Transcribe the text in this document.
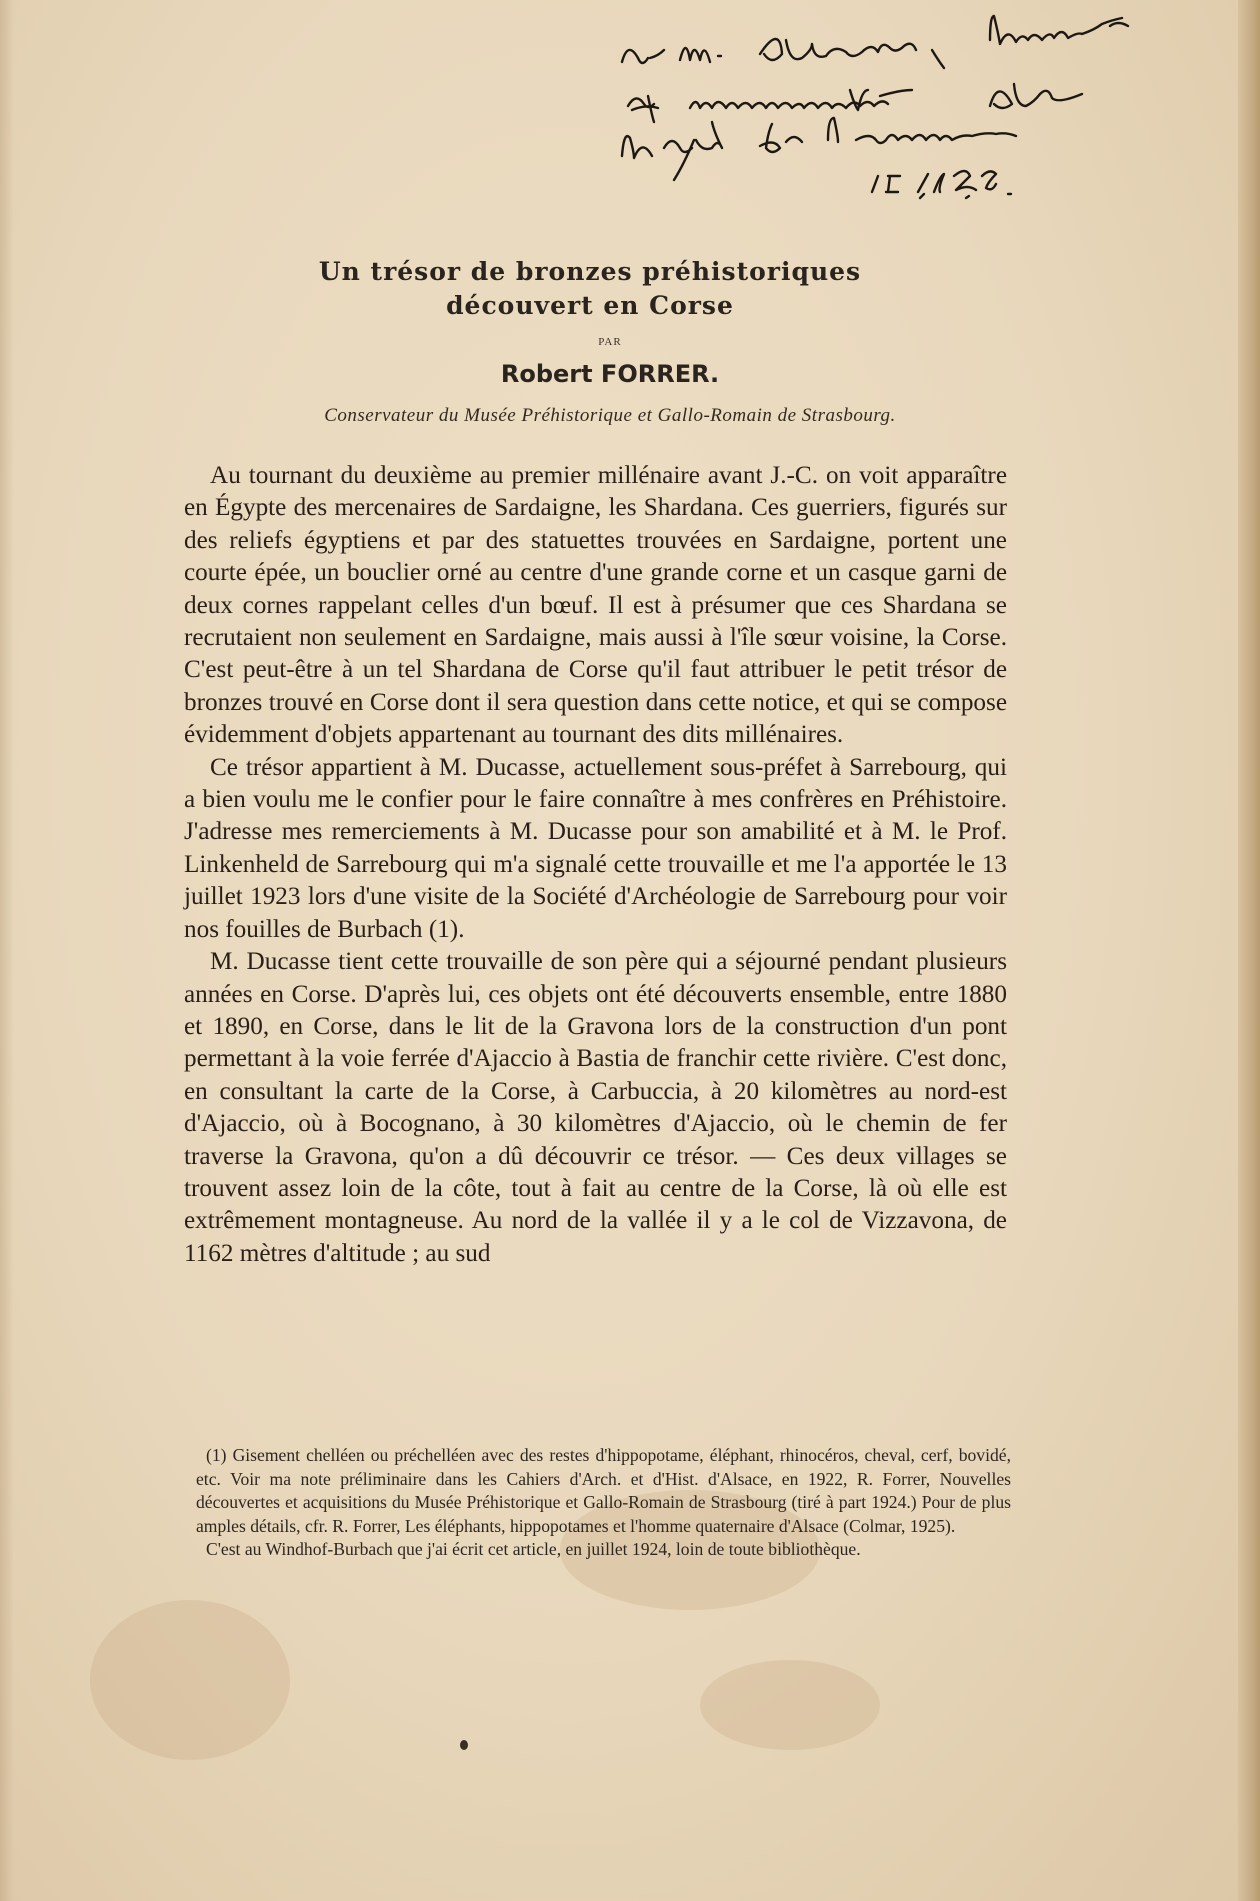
Un trésor de bronzes préhistoriques
découvert en Corse
PAR
Robert FORRER.
Conservateur du Musée Préhistorique et Gallo-Romain de Strasbourg.

Au tournant du deuxième au premier millénaire avant J.-C. on voit apparaître en Égypte des mercenaires de Sardaigne, les Shardana. Ces guerriers, figurés sur des reliefs égyptiens et par des statuettes trouvées en Sardaigne, portent une courte épée, un bouclier orné au centre d'une grande corne et un casque garni de deux cornes rappelant celles d'un bœuf. Il est à présumer que ces Shardana se recrutaient non seulement en Sardaigne, mais aussi à l'île sœur voisine, la Corse. C'est peut-être à un tel Shardana de Corse qu'il faut attribuer le petit trésor de bronzes trouvé en Corse dont il sera question dans cette notice, et qui se compose évidemment d'objets appartenant au tournant des dits millénaires.

Ce trésor appartient à M. Ducasse, actuellement sous-préfet à Sarrebourg, qui a bien voulu me le confier pour le faire connaître à mes confrères en Préhistoire. J'adresse mes remerciements à M. Ducasse pour son amabilité et à M. le Prof. Linkenheld de Sarrebourg qui m'a signalé cette trouvaille et me l'a apportée le 13 juillet 1923 lors d'une visite de la Société d'Archéologie de Sarrebourg pour voir nos fouilles de Burbach (1).

M. Ducasse tient cette trouvaille de son père qui a séjourné pendant plusieurs années en Corse. D'après lui, ces objets ont été découverts ensemble, entre 1880 et 1890, en Corse, dans le lit de la Gravona lors de la construction d'un pont permettant à la voie ferrée d'Ajaccio à Bastia de franchir cette rivière. C'est donc, en consultant la carte de la Corse, à Carbuccia, à 20 kilomètres au nord-est d'Ajaccio, où à Bocognano, à 30 kilomètres d'Ajaccio, où le chemin de fer traverse la Gravona, qu'on a dû découvrir ce trésor. — Ces deux villages se trouvent assez loin de la côte, tout à fait au centre de la Corse, là où elle est extrêmement montagneuse. Au nord de la vallée il y a le col de Vizzavona, de 1162 mètres d'altitude ; au sud

(1) Gisement chelléen ou préchelléen avec des restes d'hippopotame, éléphant, rhinocéros, cheval, cerf, bovidé, etc. Voir ma note préliminaire dans les Cahiers d'Arch. et d'Hist. d'Alsace, en 1922, R. Forrer, Nouvelles découvertes et acquisitions du Musée Préhistorique et Gallo-Romain de Strasbourg (tiré à part 1924.) Pour de plus amples détails, cfr. R. Forrer, Les éléphants, hippopotames et l'homme quaternaire d'Alsace (Colmar, 1925).

C'est au Windhof-Burbach que j'ai écrit cet article, en juillet 1924, loin de toute bibliothèque.
